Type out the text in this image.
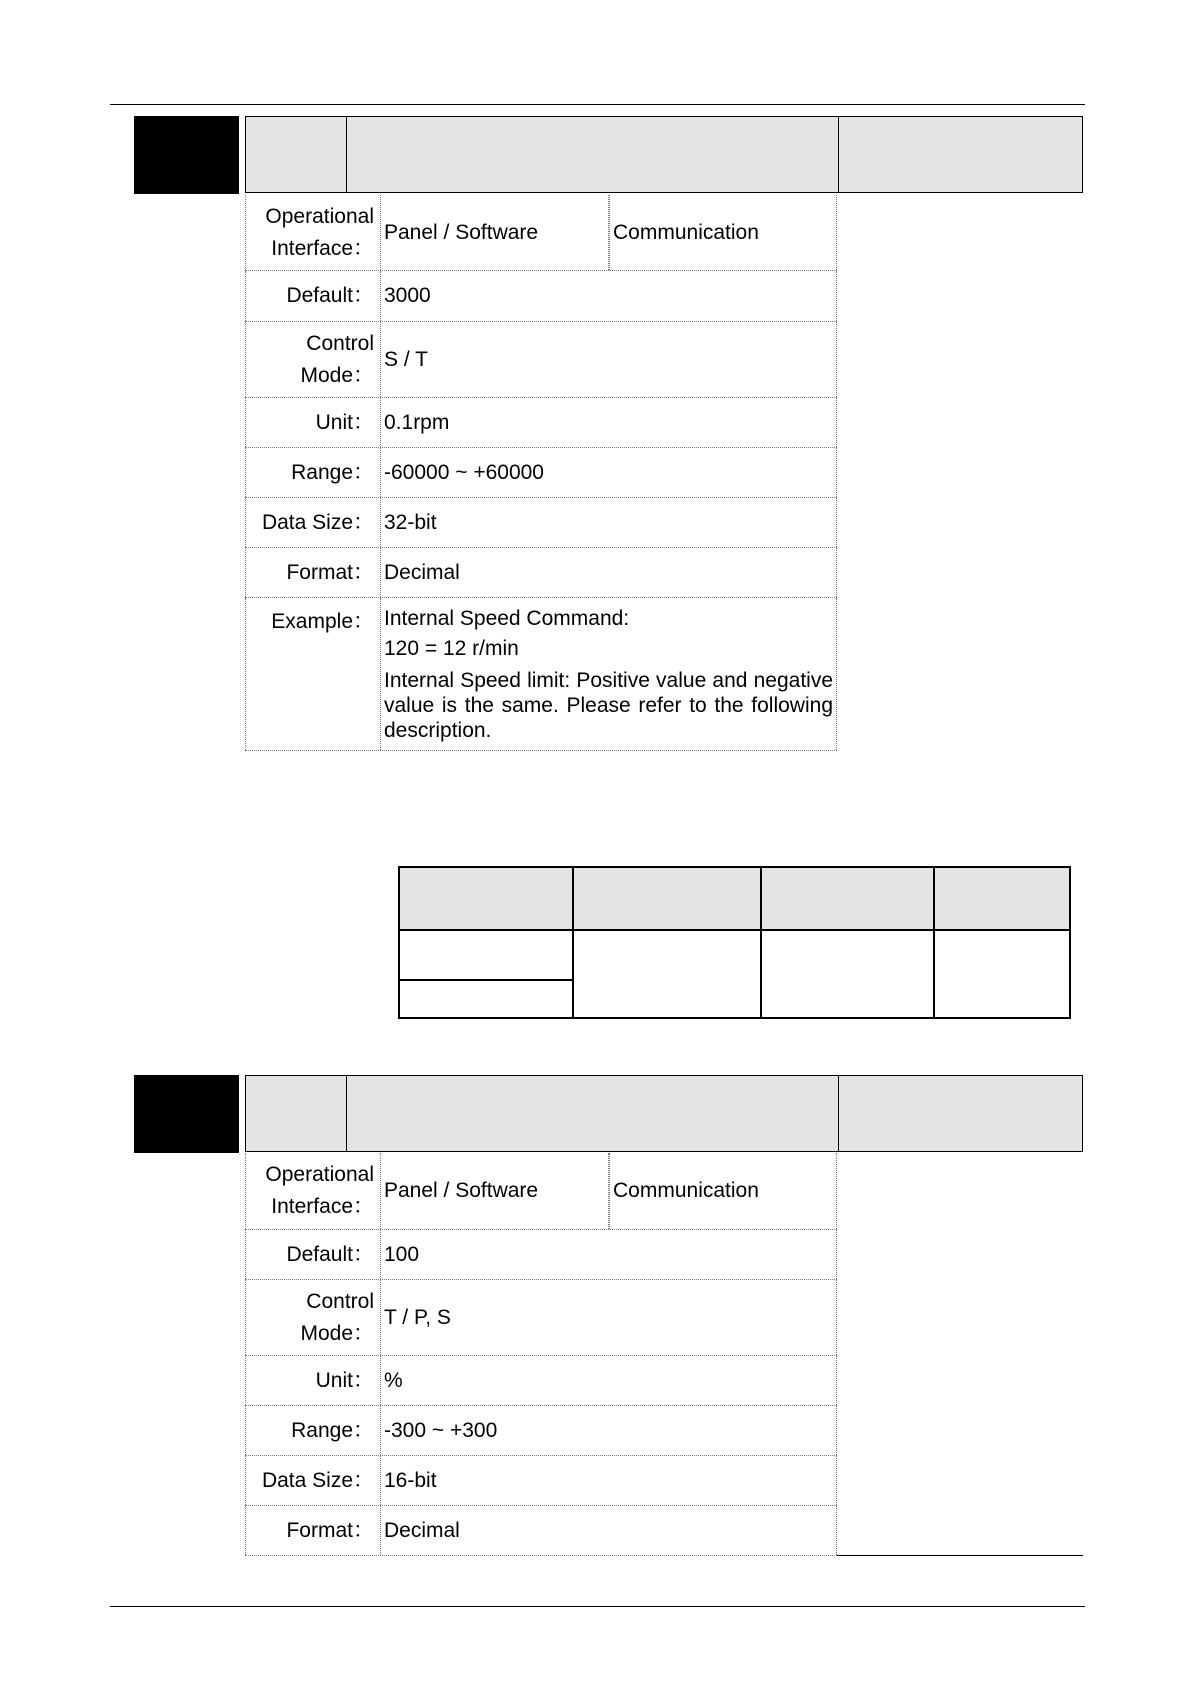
Operational
Interface：
Panel / Software	Communication
Default： 3000
Control
Mode：
S / T
Unit： 0.1rpm
Range： -60000 ~ +60000
Data Size： 32-bit
Format： Decimal
Example： Internal Speed Command:
120 = 12 r/min
Internal Speed limit: Positive value and negative value is the same. Please refer to the following description.

Operational
Interface：
Panel / Software	Communication
Default： 100
Control
Mode：
T / P, S
Unit： %
Range： -300 ~ +300
Data Size： 16-bit
Format： Decimal
